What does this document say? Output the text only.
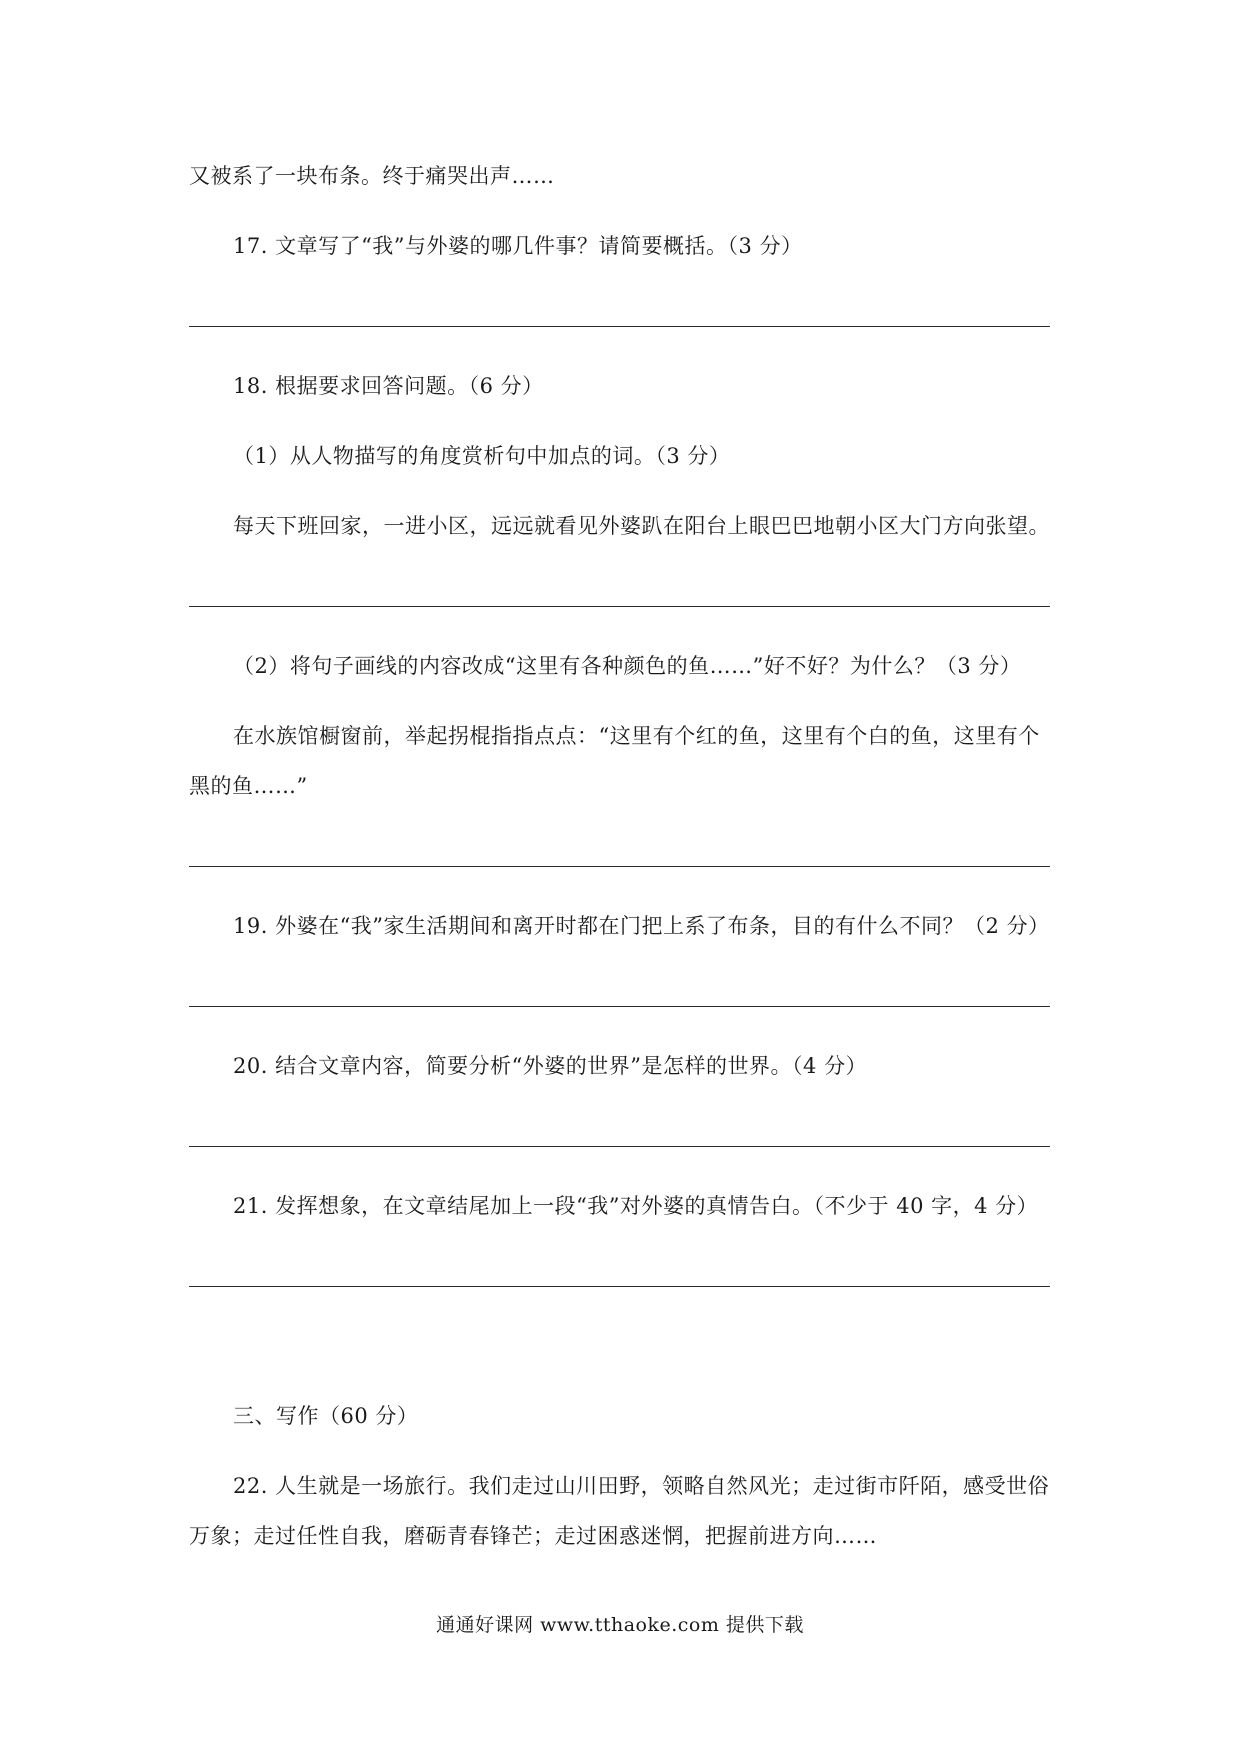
又被系了一块布条。终于痛哭出声……
17. 文章写了“我”与外婆的哪几件事？请简要概括。（3 分）
18. 根据要求回答问题。（6 分）
（1）从人物描写的角度赏析句中加点的词。（3 分）
每天下班回家，一进小区，远远就看见外婆趴在阳台上眼巴巴地朝小区大门方向张望。
（2）将句子画线的内容改成“这里有各种颜色的鱼……”好不好？为什么？（3 分）
在水族馆橱窗前，举起拐棍指指点点：“这里有个红的鱼，这里有个白的鱼，这里有个
黑的鱼……”
19. 外婆在“我”家生活期间和离开时都在门把上系了布条，目的有什么不同？（2 分）
20. 结合文章内容，简要分析“外婆的世界”是怎样的世界。（4 分）
21. 发挥想象，在文章结尾加上一段“我”对外婆的真情告白。（不少于 40 字，4 分）
三、写作（60 分）
22. 人生就是一场旅行。我们走过山川田野，领略自然风光；走过街市阡陌，感受世俗
万象；走过任性自我，磨砺青春锋芒；走过困惑迷惘，把握前进方向……
通通好课网 www.tthaoke.com 提供下载
